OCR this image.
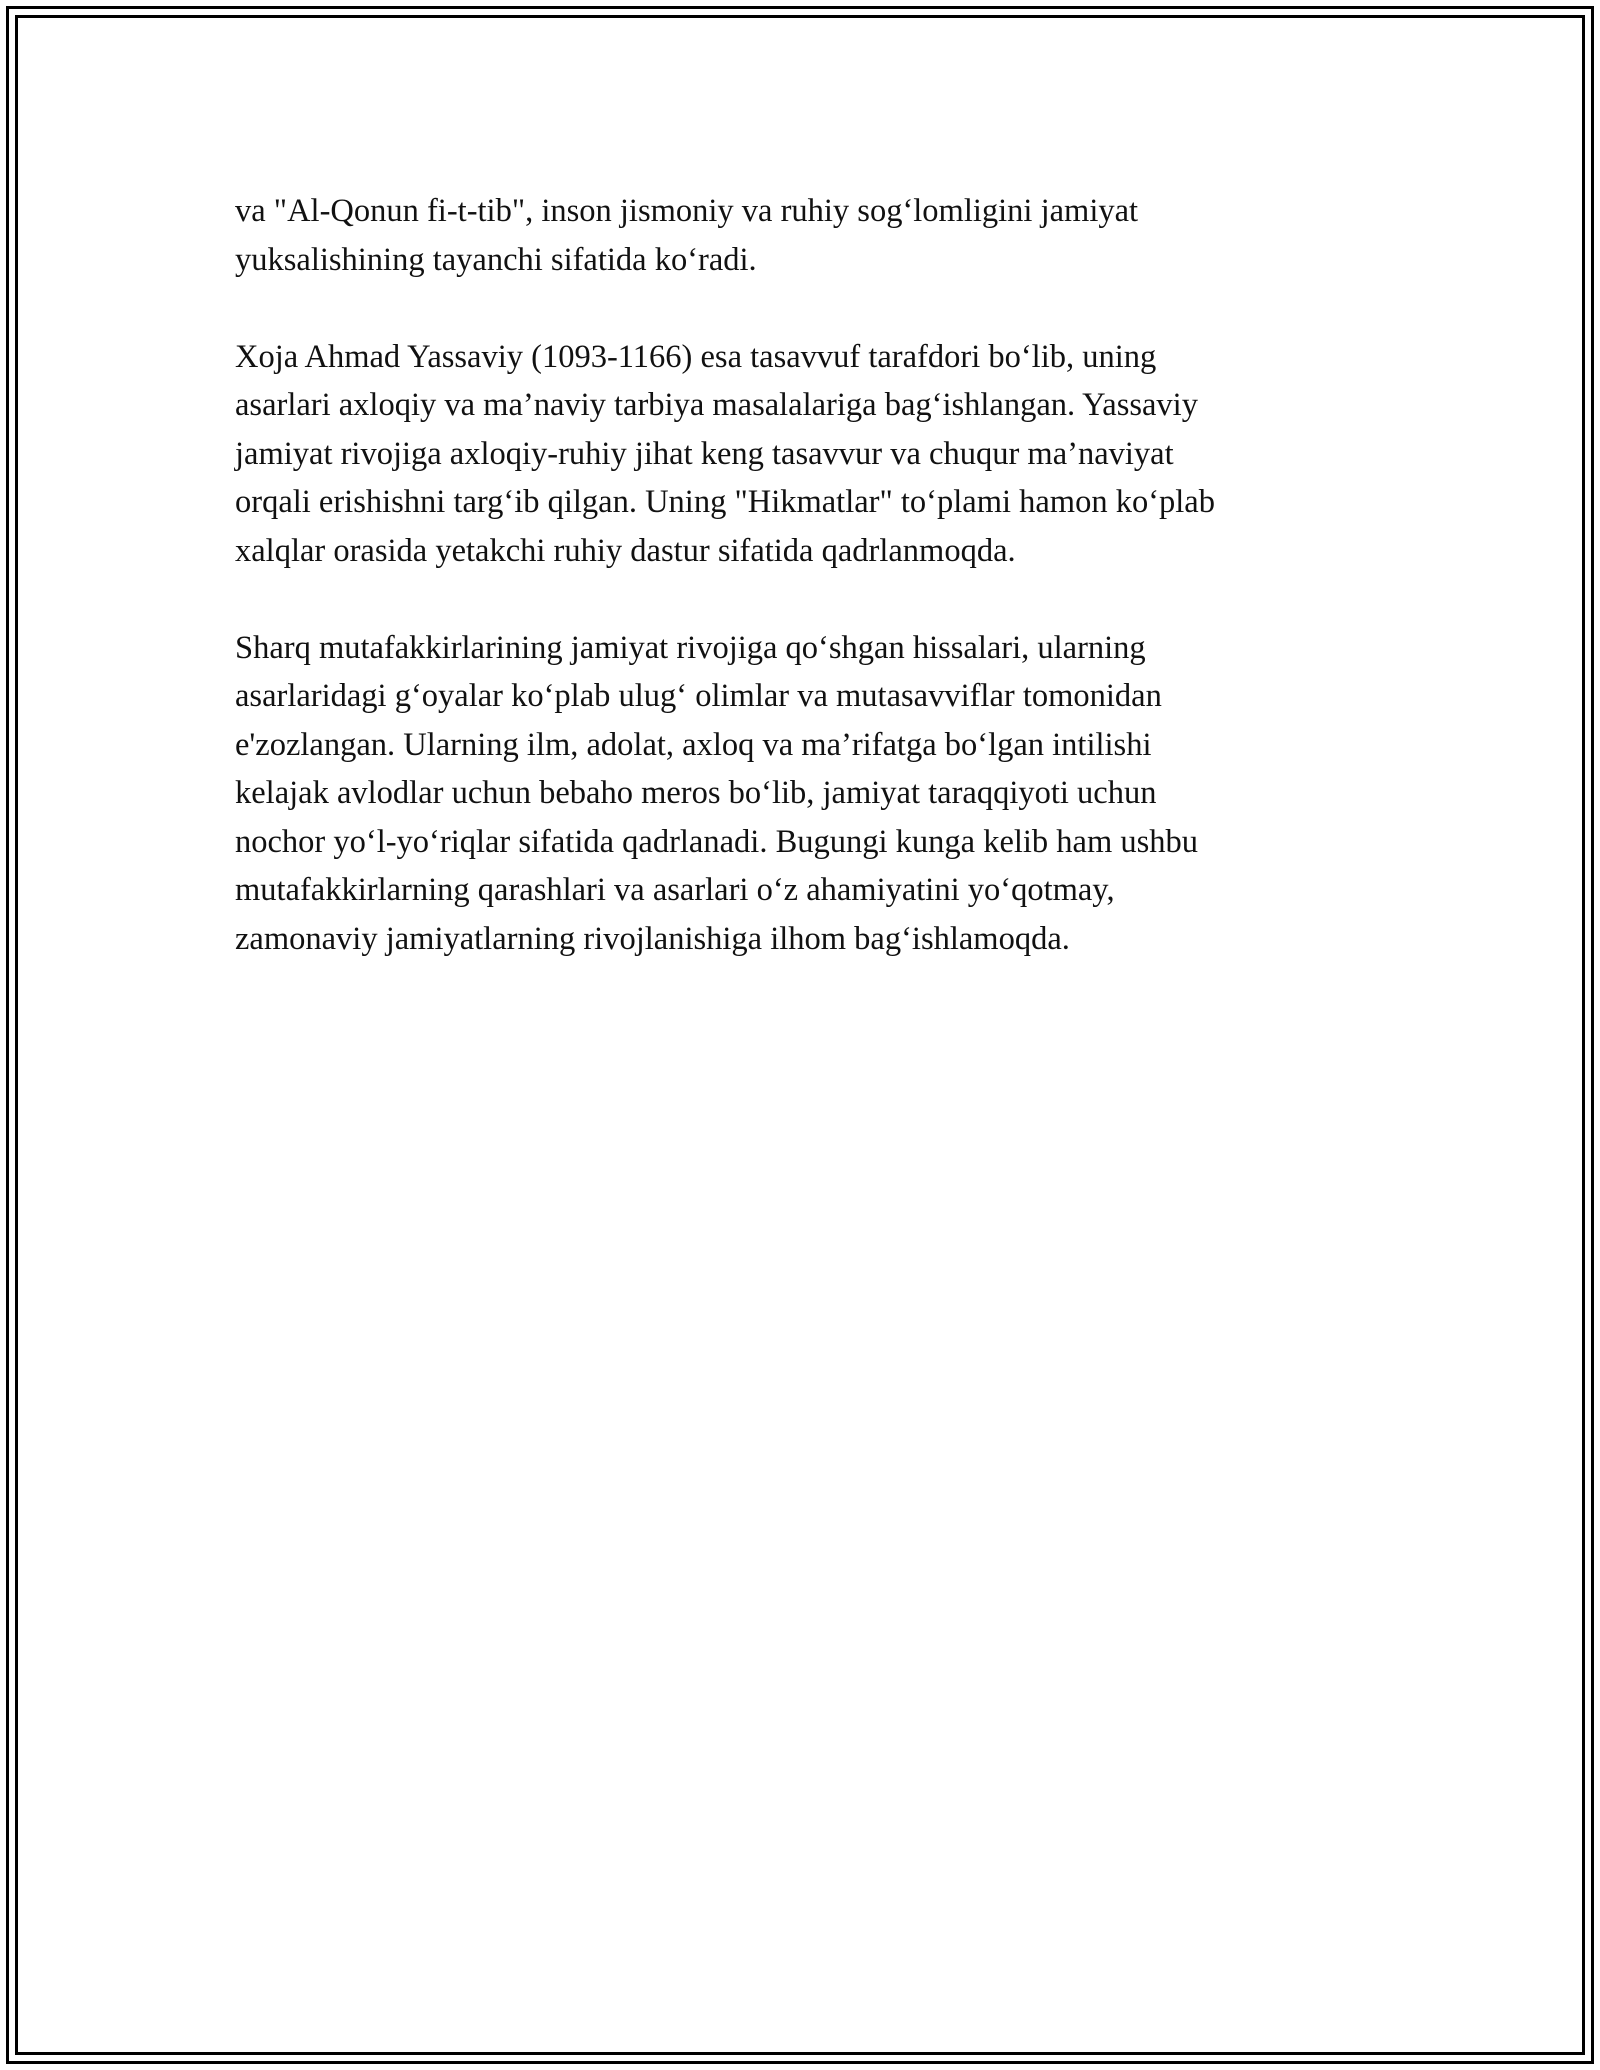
va "Al-Qonun fi-t-tib", inson jismoniy va ruhiy sog‘lomligini jamiyat
yuksalishining tayanchi sifatida ko‘radi.

Xoja Ahmad Yassaviy (1093-1166) esa tasavvuf tarafdori bo‘lib, uning
asarlari axloqiy va ma’naviy tarbiya masalalariga bag‘ishlangan. Yassaviy
jamiyat rivojiga axloqiy-ruhiy jihat keng tasavvur va chuqur ma’naviyat
orqali erishishni targ‘ib qilgan. Uning "Hikmatlar" to‘plami hamon ko‘plab
xalqlar orasida yetakchi ruhiy dastur sifatida qadrlanmoqda.

Sharq mutafakkirlarining jamiyat rivojiga qo‘shgan hissalari, ularning
asarlaridagi g‘oyalar ko‘plab ulug‘ olimlar va mutasavviflar tomonidan
e'zozlangan. Ularning ilm, adolat, axloq va ma’rifatga bo‘lgan intilishi
kelajak avlodlar uchun bebaho meros bo‘lib, jamiyat taraqqiyoti uchun
nochor yo‘l-yo‘riqlar sifatida qadrlanadi. Bugungi kunga kelib ham ushbu
mutafakkirlarning qarashlari va asarlari o‘z ahamiyatini yo‘qotmay,
zamonaviy jamiyatlarning rivojlanishiga ilhom bag‘ishlamoqda.
